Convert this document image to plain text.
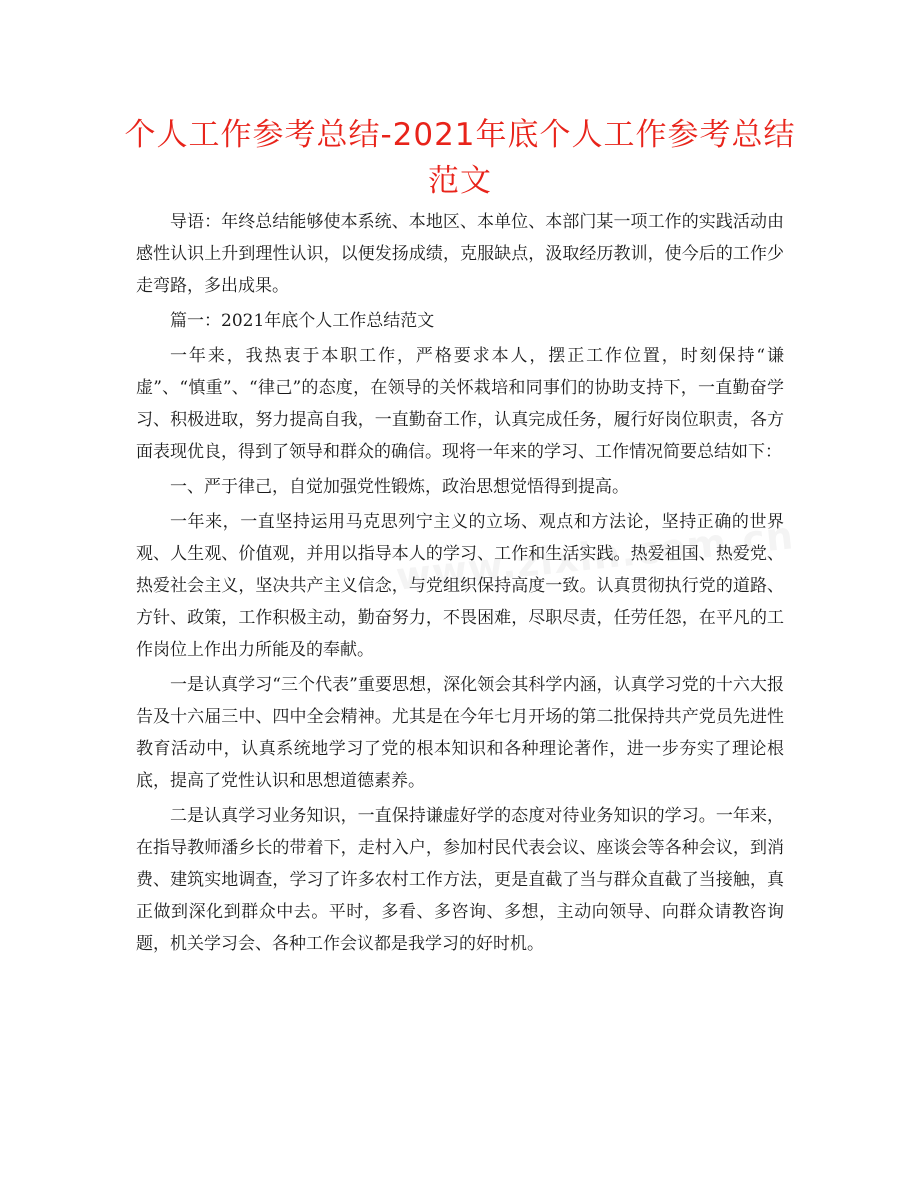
个人工作参考总结-2021年底个人工作参考总结范文

导语：年终总结能够使本系统、本地区、本单位、本部门某一项工作的实践活动由感性认识上升到理性认识，以便发扬成绩，克服缺点，汲取经历教训，使今后的工作少走弯路，多出成果。

篇一：2021年底个人工作总结范文

一年来，我热衷于本职工作，严格要求本人，摆正工作位置，时刻保持“谦虚”、“慎重”、“律己”的态度，在领导的关怀栽培和同事们的协助支持下，一直勤奋学习、积极进取，努力提高自我，一直勤奋工作，认真完成任务，履行好岗位职责，各方面表现优良，得到了领导和群众的确信。现将一年来的学习、工作情况简要总结如下：

一、严于律己，自觉加强党性锻炼，政治思想觉悟得到提高。

一年来，一直坚持运用马克思列宁主义的立场、观点和方法论，坚持正确的世界观、人生观、价值观，并用以指导本人的学习、工作和生活实践。热爱祖国、热爱党、热爱社会主义，坚决共产主义信念，与党组织保持高度一致。认真贯彻执行党的道路、方针、政策，工作积极主动，勤奋努力，不畏困难，尽职尽责，任劳任怨，在平凡的工作岗位上作出力所能及的奉献。

一是认真学习“三个代表”重要思想，深化领会其科学内涵，认真学习党的十六大报告及十六届三中、四中全会精神。尤其是在今年七月开场的第二批保持共产党员先进性教育活动中，认真系统地学习了党的根本知识和各种理论著作，进一步夯实了理论根底，提高了党性认识和思想道德素养。

二是认真学习业务知识，一直保持谦虚好学的态度对待业务知识的学习。一年来，在指导教师潘乡长的带着下，走村入户，参加村民代表会议、座谈会等各种会议，到消费、建筑实地调查，学习了许多农村工作方法，更是直截了当与群众直截了当接触，真正做到深化到群众中去。平时，多看、多咨询、多想，主动向领导、向群众请教咨询题，机关学习会、各种工作会议都是我学习的好时机。
